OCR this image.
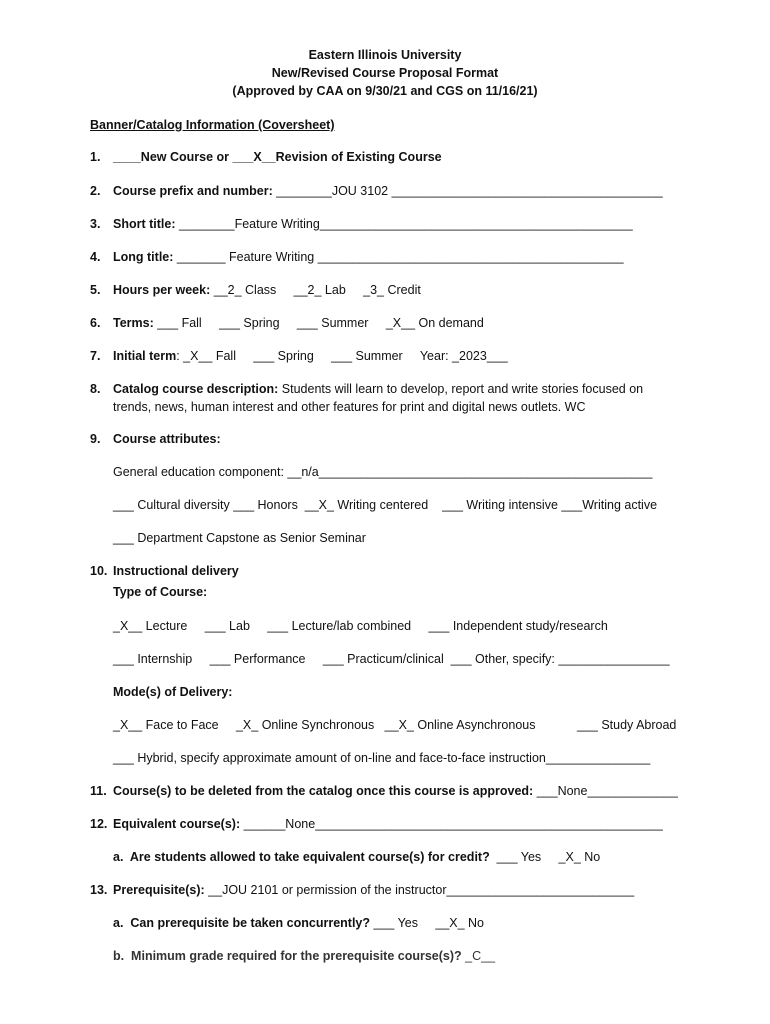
Eastern Illinois University
New/Revised Course Proposal Format
(Approved by CAA on 9/30/21 and CGS on 11/16/21)
Banner/Catalog Information (Coversheet)
1. ____New Course or ___X__Revision of Existing Course
2. Course prefix and number: ________JOU 3102 _______________________________________
3. Short title: ________Feature Writing_____________________________________________
4. Long title: _______ Feature Writing ____________________________________________
5. Hours per week: __2_ Class     __2_ Lab     _3_ Credit
6. Terms: ___ Fall     ___ Spring     ___ Summer     _X__ On demand
7. Initial term: _X__ Fall     ___ Spring     ___ Summer     Year: _2023___
8. Catalog course description: Students will learn to develop, report and write stories focused on
trends, news, human interest and other features for print and digital news outlets. WC
9. Course attributes:
General education component: __n/a________________________________________________
___ Cultural diversity ___ Honors  __X_ Writing centered    ___ Writing intensive ___Writing active
___ Department Capstone as Senior Seminar
10. Instructional delivery
Type of Course:
_X__ Lecture     ___ Lab     ___ Lecture/lab combined     ___ Independent study/research
___ Internship     ___ Performance     ___ Practicum/clinical  ___ Other, specify: ________________
Mode(s) of Delivery:
_X__ Face to Face     _X_ Online Synchronous   __X_ Online Asynchronous	___ Study Abroad
___ Hybrid, specify approximate amount of on-line and face-to-face instruction_______________
11. Course(s) to be deleted from the catalog once this course is approved: ___None_____________
12. Equivalent course(s): ______None__________________________________________________
a.  Are students allowed to take equivalent course(s) for credit?  ___ Yes     _X_ No
13. Prerequisite(s): __JOU 2101 or permission of the instructor___________________________
a.  Can prerequisite be taken concurrently? ___ Yes     __X_ No
b.  Minimum grade required for the prerequisite course(s)? _C__
